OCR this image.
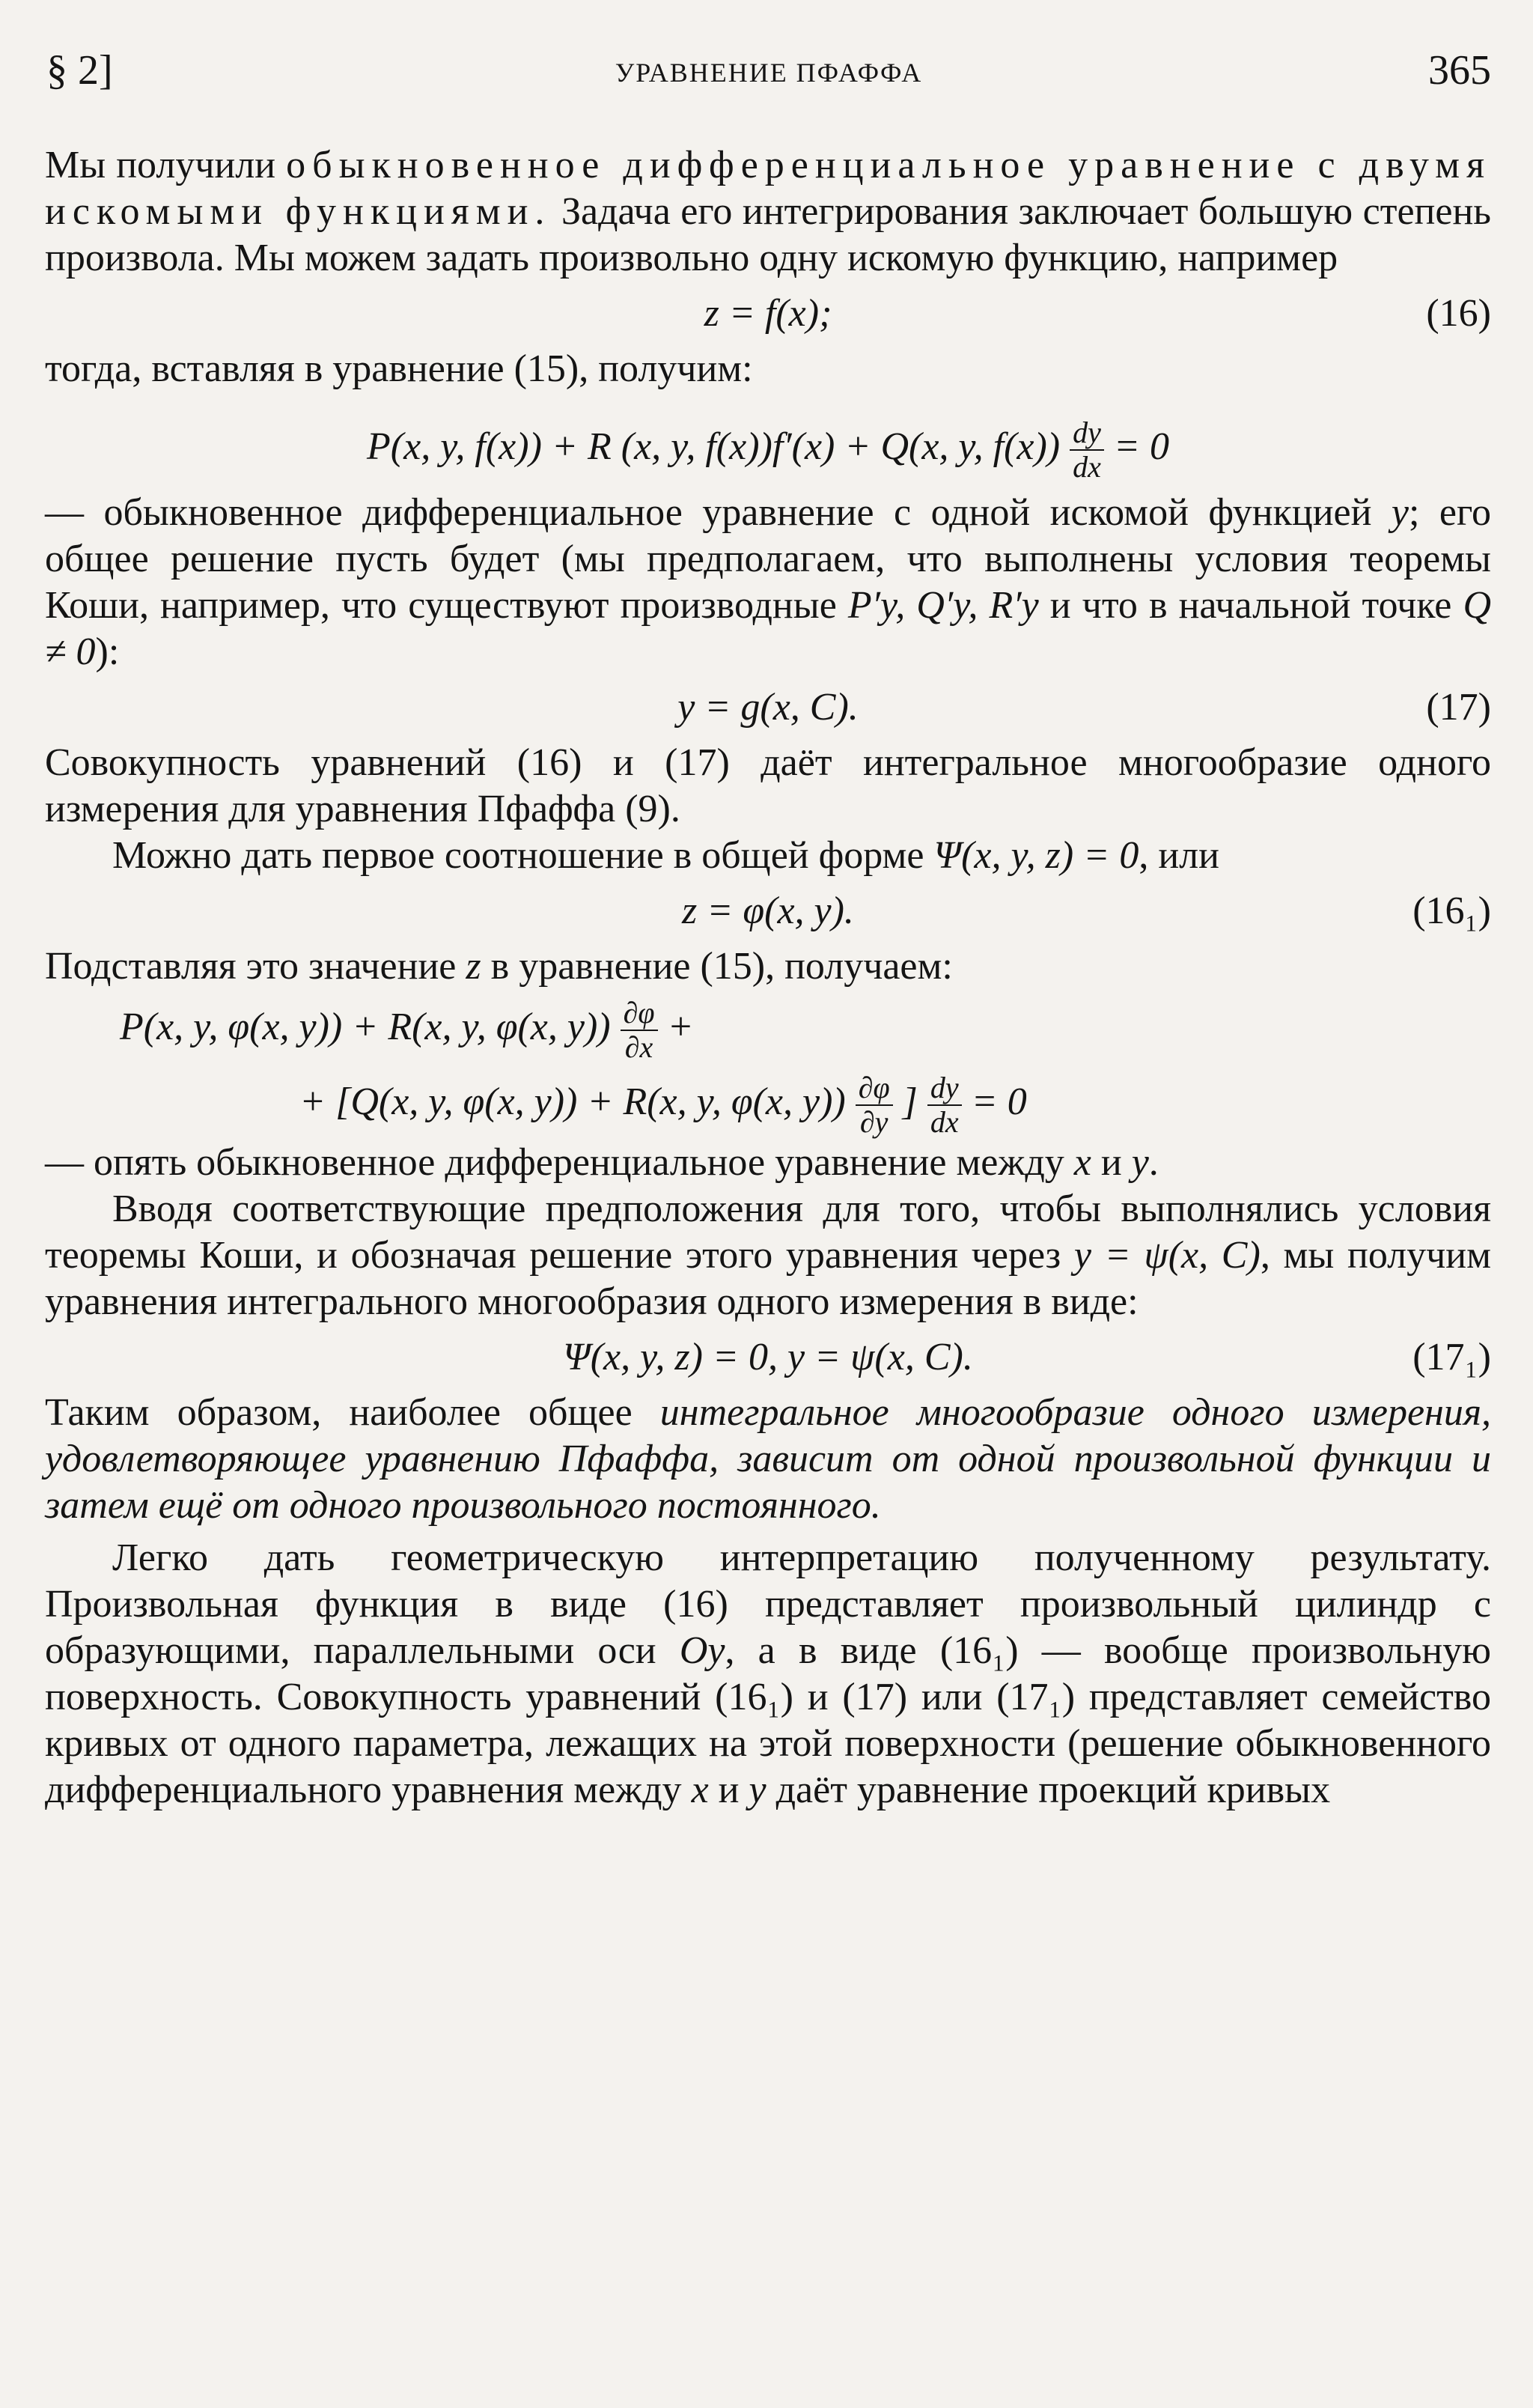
§ 2]	УРАВНЕНИЕ ПФАФФА	365

Мы получили обыкновенное дифференциальное уравнение с двумя искомыми функциями. Задача его интегрирования заключает большую степень произвола. Мы можем задать произвольно одну искомую функцию, например

z = f(x);	(16)

тогда, вставляя в уравнение (15), получим:

P(x, y, f(x)) + R (x, y, f(x))f′(x) + Q(x, y, $f(x)) \frac{dy}{dx} = 0$

— обыкновенное дифференциальное уравнение с одной искомой функцией y; его общее решение пусть будет (мы предполагаем, что выполнены условия теоремы Коши, например, что существуют производные P′y, Q′y, R′y и что в начальной точке Q ≠ 0):

y = g(x, C).	(17)

Совокупность уравнений (16) и (17) даёт интегральное многообразие одного измерения для уравнения Пфаффа (9).

Можно дать первое соотношение в общей форме Ψ(x, y, z) = 0, или

z = φ(x, y).	(16₁)

Подставляя это значение z в уравнение (15), получаем:

P(x, y, φ(x, y)) + R(x, y, φ(x, $y)) \frac{\partial\varphi}{\partial x}$ +
+ [Q(x, y, φ(x, y)) + R(x, y, φ(x, $y)) \frac{\partial\varphi}{\partial y}$ ] $\frac{dy}{dx} = 0$

— опять обыкновенное дифференциальное уравнение между x и y.

Вводя соответствующие предположения для того, чтобы выполнялись условия теоремы Коши, и обозначая решение этого уравнения через y = ψ(x, C), мы получим уравнения интегрального многообразия одного измерения в виде:

Ψ(x, y, z) = 0, y = ψ(x, C).	(17₁)

Таким образом, наиболее общее интегральное многообразие одного измерения, удовлетворяющее уравнению Пфаффа, зависит от одной произвольной функции и затем ещё от одного произвольного постоянного.

Легко дать геометрическую интерпретацию полученному результату. Произвольная функция в виде (16) представляет произвольный цилиндр с образующими, параллельными оси Oy, а в виде (16₁) — вообще произвольную поверхность. Совокупность уравнений (16₁) и (17) или (17₁) представляет семейство кривых от одного параметра, лежащих на этой поверхности (решение обыкновенного дифференциального уравнения между x и y даёт уравнение проекций кривых
